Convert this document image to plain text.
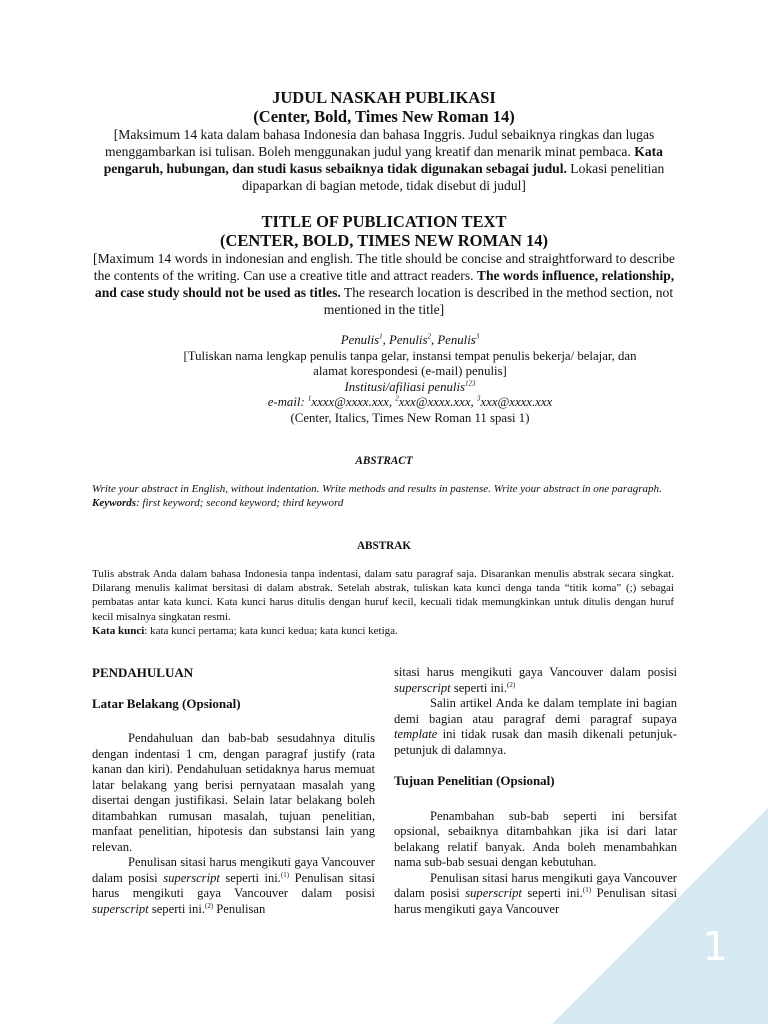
JUDUL NASKAH PUBLIKASI

(Center, Bold, Times New Roman 14)

[Maksimum 14 kata dalam bahasa Indonesia dan bahasa Inggris. Judul sebaiknya ringkas dan lugas menggambarkan isi tulisan. Boleh menggunakan judul yang kreatif dan menarik minat pembaca. Kata pengaruh, hubungan, dan studi kasus sebaiknya tidak digunakan sebagai judul. Lokasi penelitian dipaparkan di bagian metode, tidak disebut di judul]

TITLE OF PUBLICATION TEXT

(CENTER, BOLD, TIMES NEW ROMAN 14)

[Maximum 14 words in indonesian and english. The title should be concise and straightforward to describe the contents of the writing. Can use a creative title and attract readers. The words influence, relationship, and case study should not be used as titles. The research location is described in the method section, not mentioned in the title]

Penulis$^1$, Penulis$^2$, Penulis$^3$
[Tuliskan nama lengkap penulis tanpa gelar, instansi tempat penulis bekerja/ belajar, dan alamat korespondesi (e-mail) penulis]
Institusi/afiliasi penulis$^{123}$
e-mail: $^1$xxxx@xxxx.xxx, $^2$xxx@xxxx.xxx, $^3$xxx@xxxx.xxx
(Center, Italics, Times New Roman 11 spasi 1)
ABSTRACT
Write your abstract in English, without indentation. Write methods and results in pastense. Write your abstract in one paragraph.
Keywords: first keyword; second keyword; third keyword
ABSTRAK
Tulis abstrak Anda dalam bahasa Indonesia tanpa indentasi, dalam satu paragraf saja. Disarankan menulis abstrak secara singkat. Dilarang menulis kalimat bersitasi di dalam abstrak. Setelah abstrak, tuliskan kata kunci denga tanda “titik koma” (;) sebagai pembatas antar kata kunci. Kata kunci harus ditulis dengan huruf kecil, kecuali tidak memungkinkan untuk ditulis dengan huruf kecil misalnya singkatan resmi.
Kata kunci: kata kunci pertama; kata kunci kedua; kata kunci ketiga.

PENDAHULUAN

Latar Belakang (Opsional)

Pendahuluan dan bab-bab sesudahnya ditulis dengan indentasi 1 cm, dengan paragraf justify (rata kanan dan kiri). Pendahuluan setidaknya harus memuat latar belakang yang berisi pernyataan masalah yang disertai dengan justifikasi. Selain latar belakang boleh ditambahkan rumusan masalah, tujuan penelitian, manfaat penelitian, hipotesis dan substansi lain yang relevan.

Penulisan sitasi harus mengikuti gaya Vancouver dalam posisi superscript seperti ini.$^{(1)}$ Penulisan sitasi harus mengikuti gaya Vancouver dalam posisi superscript seperti ini.$^{(2)}$ Penulisan

sitasi harus mengikuti gaya Vancouver dalam posisi superscript seperti ini.$^{(2)}$

Salin artikel Anda ke dalam template ini bagian demi bagian atau paragraf demi paragraf supaya template ini tidak rusak dan masih dikenali petunjuk-petunjuk di dalamnya.

Tujuan Penelitian (Opsional)

Penambahan sub-bab seperti ini bersifat opsional, sebaiknya ditambahkan jika isi dari latar belakang relatif banyak. Anda boleh menambahkan nama sub-bab sesuai dengan kebutuhan.

Penulisan sitasi harus mengikuti gaya Vancouver dalam posisi superscript seperti ini.$^{(1)}$ Penulisan sitasi harus mengikuti gaya Vancouver

1
